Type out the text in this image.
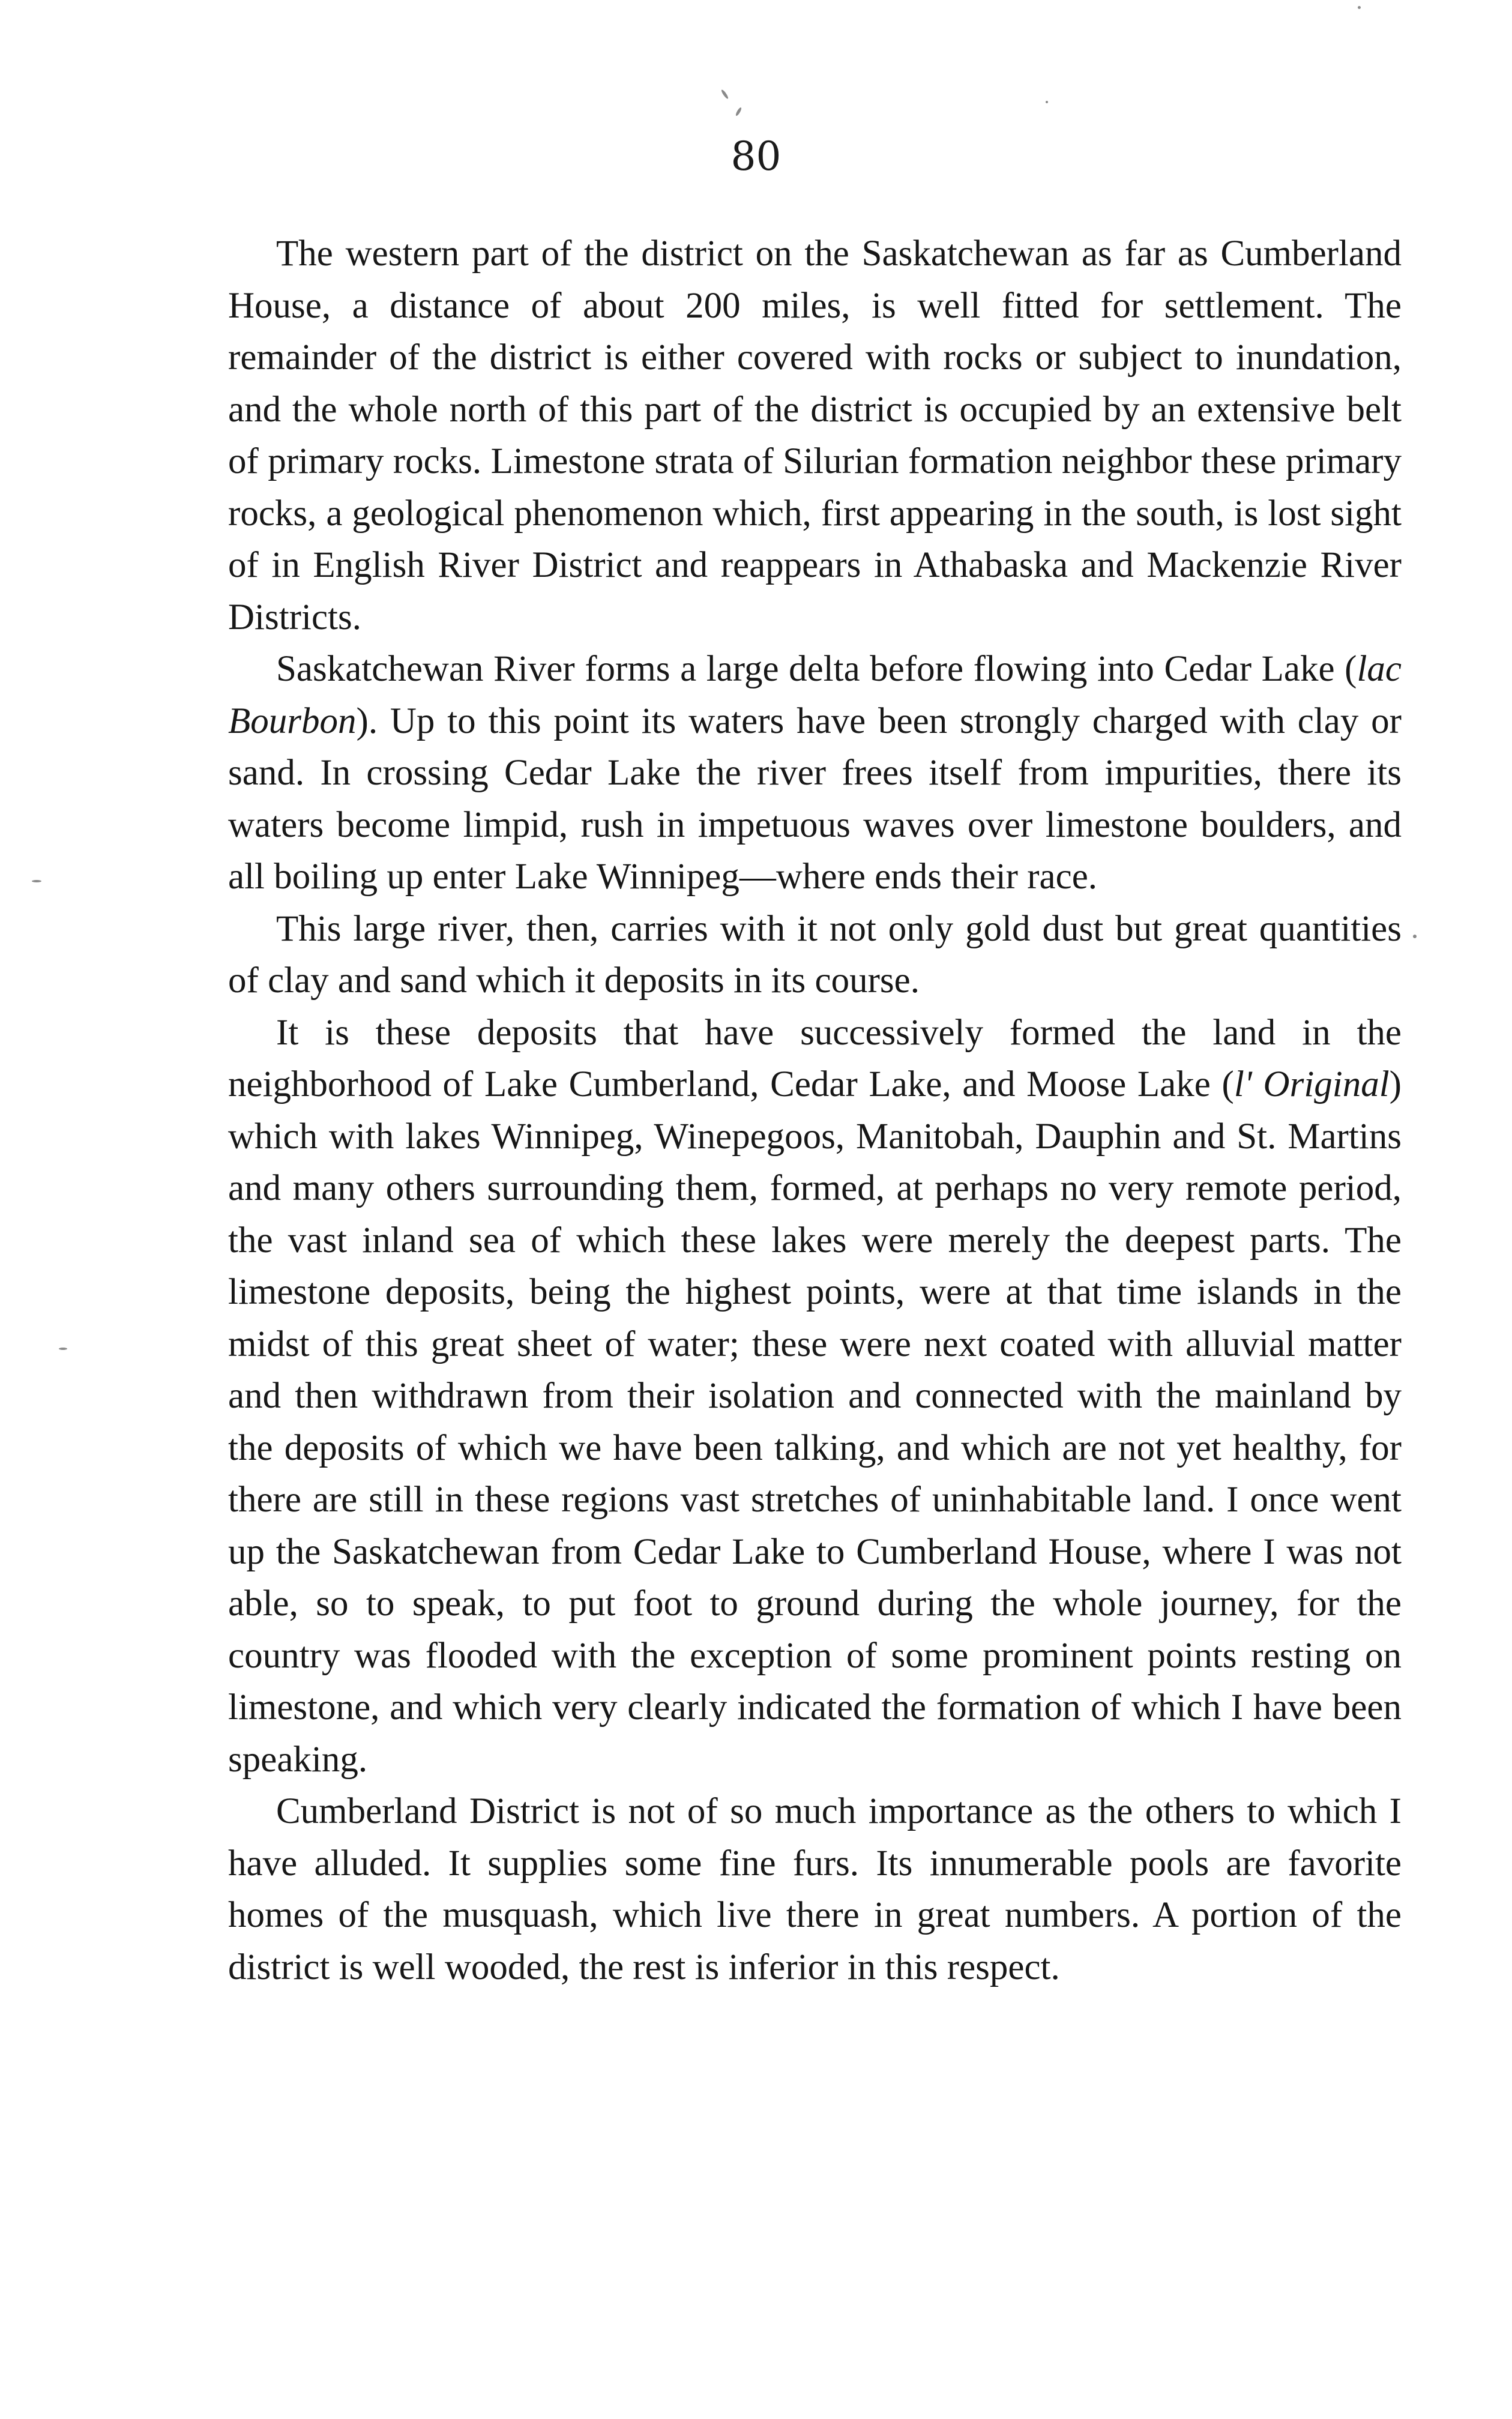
80

The western part of the district on the Saskatchewan as far as Cumberland House, a distance of about 200 miles, is well fitted for settlement. The remainder of the district is either covered with rocks or subject to inundation, and the whole north of this part of the district is occupied by an extensive belt of primary rocks. Limestone strata of Silurian formation neighbor these primary rocks, a geological phenomenon which, first appearing in the south, is lost sight of in English River District and reappears in Athabaska and Mackenzie River Districts.

Saskatchewan River forms a large delta before flowing into Cedar Lake (lac Bourbon). Up to this point its waters have been strongly charged with clay or sand. In crossing Cedar Lake the river frees itself from impurities, there its waters become limpid, rush in impetuous waves over limestone boulders, and all boiling up enter Lake Winnipeg—where ends their race.

This large river, then, carries with it not only gold dust but great quantities of clay and sand which it deposits in its course.

It is these deposits that have successively formed the land in the neighborhood of Lake Cumberland, Cedar Lake, and Moose Lake (l' Original) which with lakes Winnipeg, Winepegoos, Manitobah, Dauphin and St. Martins and many others surrounding them, formed, at perhaps no very remote period, the vast inland sea of which these lakes were merely the deepest parts. The limestone deposits, being the highest points, were at that time islands in the midst of this great sheet of water; these were next coated with alluvial matter and then withdrawn from their isolation and connected with the mainland by the deposits of which we have been talking, and which are not yet healthy, for there are still in these regions vast stretches of uninhabitable land. I once went up the Saskatchewan from Cedar Lake to Cumberland House, where I was not able, so to speak, to put foot to ground during the whole journey, for the country was flooded with the exception of some prominent points resting on limestone, and which very clearly indicated the formation of which I have been speaking.

Cumberland District is not of so much importance as the others to which I have alluded. It supplies some fine furs. Its innumerable pools are favorite homes of the musquash, which live there in great numbers. A portion of the district is well wooded, the rest is inferior in this respect.
